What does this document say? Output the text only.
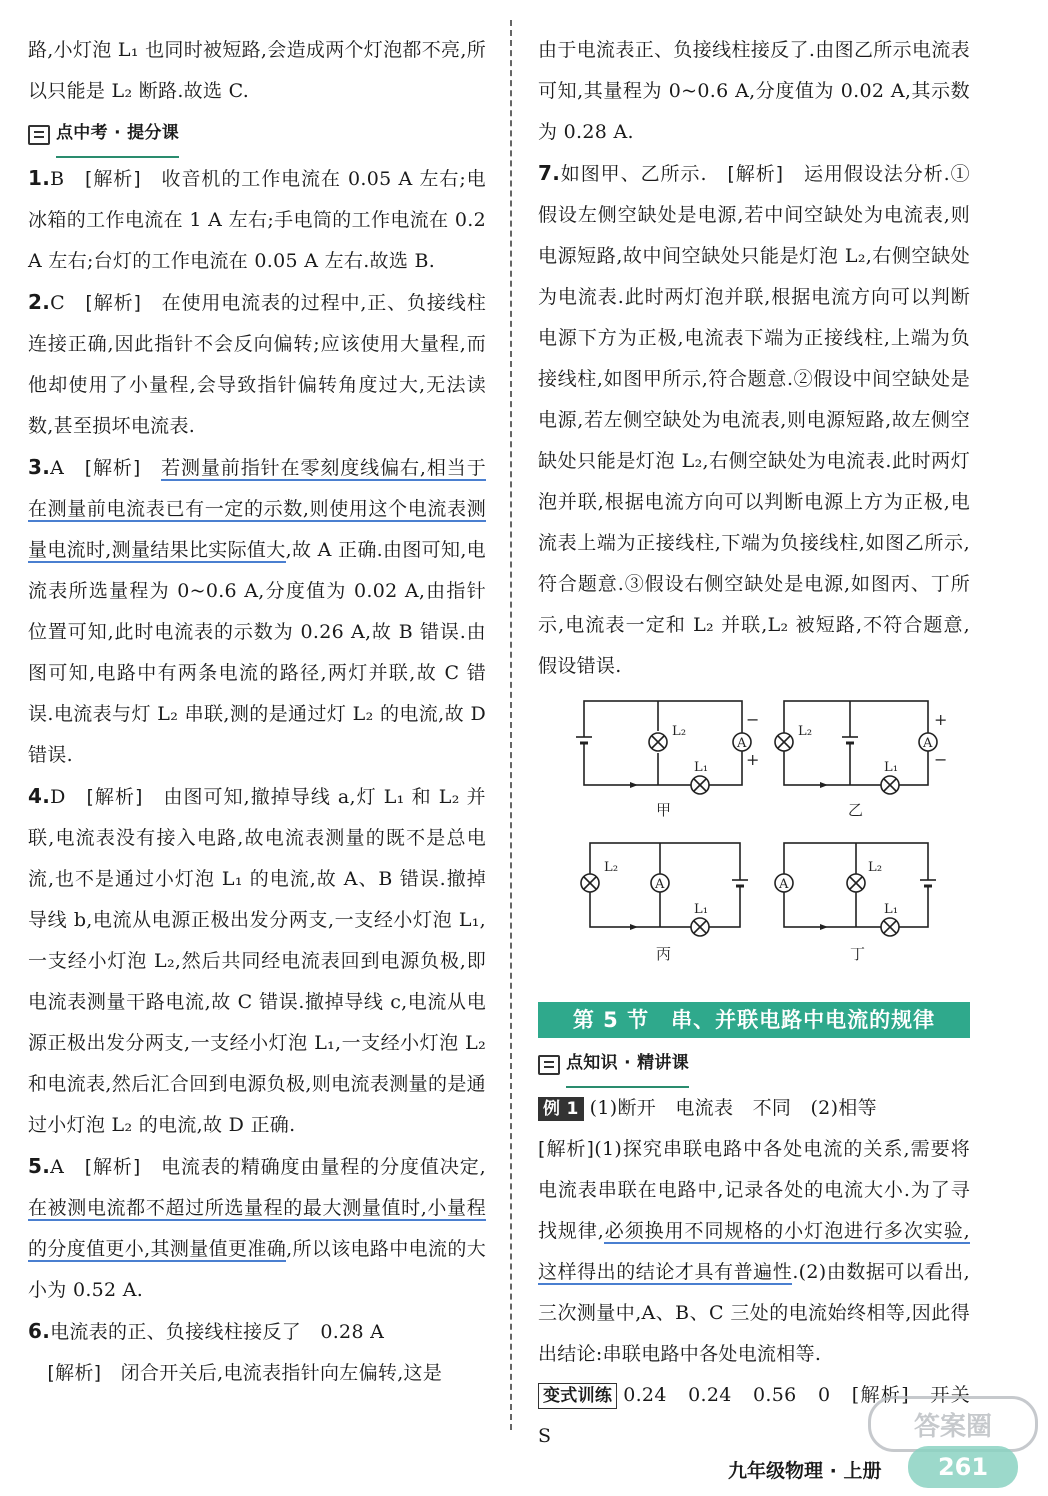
路,小灯泡 L₁ 也同时被短路,会造成两个灯泡都不亮,所以只能是 L₂ 断路.故选 C.
点中考 · 提分课
1.B　 [解析]　 收音机的工作电流在 0.05 A 左右;电冰箱的工作电流在 1 A 左右;手电筒的工作电流在 0.2 A 左右;台灯的工作电流在 0.05 A 左右.故选 B.
2.C　 [解析]　 在使用电流表的过程中,正、负接线柱连接正确,因此指针不会反向偏转;应该使用大量程,而他却使用了小量程,会导致指针偏转角度过大,无法读数,甚至损坏电流表.
3.A　 [解析]　 若测量前指针在零刻度线偏右,相当于在测量前电流表已有一定的示数,则使用这个电流表测量电流时,测量结果比实际值大,故 A 正确.由图可知,电流表所选量程为 0~0.6 A,分度值为 0.02 A,由指针位置可知,此时电流表的示数为 0.26 A,故 B 错误.由图可知,电路中有两条电流的路径,两灯并联,故 C 错误.电流表与灯 L₂ 串联,测的是通过灯 L₂ 的电流,故 D 错误.
4.D　 [解析]　 由图可知,撤掉导线 a,灯 L₁ 和 L₂ 并联,电流表没有接入电路,故电流表测量的既不是总电流,也不是通过小灯泡 L₁ 的电流,故 A、B 错误.撤掉导线 b,电流从电源正极出发分两支,一支经小灯泡 L₁,一支经小灯泡 L₂,然后共同经电流表回到电源负极,即电流表测量干路电流,故 C 错误.撤掉导线 c,电流从电源正极出发分两支,一支经小灯泡 L₁,一支经小灯泡 L₂ 和电流表,然后汇合回到电源负极,则电流表测量的是通过小灯泡 L₂ 的电流,故 D 正确.
5.A　 [解析]　 电流表的精确度由量程的分度值决定,在被测电流都不超过所选量程的最大测量值时,小量程的分度值更小,其测量值更准确,所以该电路中电流的大小为 0.52 A.
6.电流表的正、负接线柱接反了　0.28 A
　[解析]　 闭合开关后,电流表指针向左偏转,这是
由于电流表正、负接线柱接反了.由图乙所示电流表可知,其量程为 0~0.6 A,分度值为 0.02 A,其示数为 0.28 A.
7.如图甲、乙所示.　 [解析]　 运用假设法分析.①假设左侧空缺处是电源,若中间空缺处为电流表,则电源短路,故中间空缺处只能是灯泡 L₂,右侧空缺处为电流表.此时两灯泡并联,根据电流方向可以判断电源下方为正极,电流表下端为正接线柱,上端为负接线柱,如图甲所示,符合题意.②假设中间空缺处是电源,若左侧空缺处为电流表,则电源短路,故左侧空缺处只能是灯泡 L₂,右侧空缺处为电流表.此时两灯泡并联,根据电流方向可以判断电源上方为正极,电流表上端为正接线柱,下端为负接线柱,如图乙所示,符合题意.③假设右侧空缺处是电源,如图丙、丁所示,电流表一定和 L₂ 并联,L₂ 被短路,不符合题意,假设错误.
L₂
A
−
+
L₁
甲
L₂
A
+
−
L₁
乙
L₂
A
L₁
丙
A
L₂
L₁
丁
第 5 节　串、并联电路中电流的规律
点知识 · 精讲课
例 1 (1)断开　电流表　不同　(2)相等
[解析](1)探究串联电路中各处电流的关系,需要将电流表串联在电路中,记录各处的电流大小.为了寻找规律,必须换用不同规格的小灯泡进行多次实验,这样得出的结论才具有普遍性.(2)由数据可以看出,三次测量中,A、B、C 三处的电流始终相等,因此得出结论:串联电路中各处电流相等.
变式训练 0.24　0.24　0.56　0　[解析]　开关 S	答案圈
九年级物理 · 上册	261
